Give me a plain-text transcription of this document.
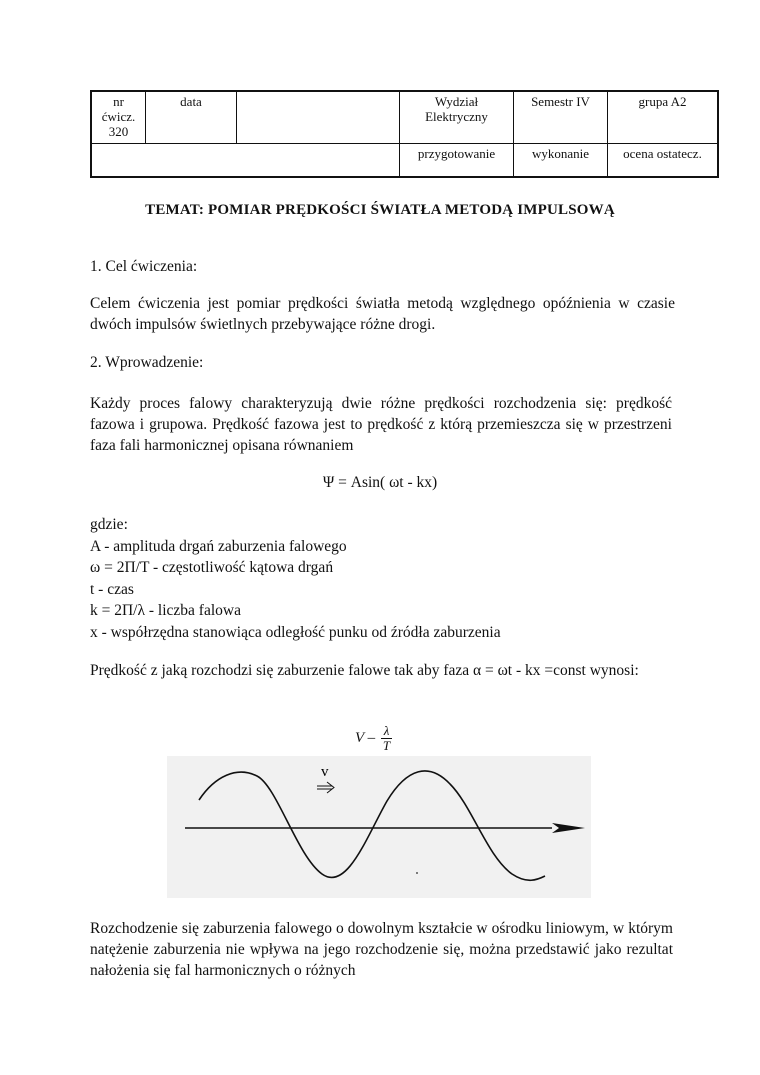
nr ćwicz. 320	data		Wydział Elektryczny	Semestr IV	grupa A2
			przygotowanie	wykonanie	ocena ostatecz.
TEMAT: POMIAR PRĘDKOŚCI ŚWIATŁA METODĄ IMPULSOWĄ

1. Cel ćwiczenia:

Celem ćwiczenia jest pomiar prędkości światła metodą względnego opóźnienia w czasie dwóch impulsów świetlnych przebywające różne drogi.

2. Wprowadzenie:

Każdy proces falowy charakteryzują dwie różne prędkości rozchodzenia się: prędkość fazowa i grupowa. Prędkość fazowa jest to prędkość z którą przemieszcza się w przestrzeni faza fali harmonicznej opisana równaniem

Ψ = Asin( ωt - kx)
gdzie:
A - amplituda drgań zaburzenia falowego
ω = 2Π/T - częstotliwość kątowa drgań
t - czas
k = 2Π/λ - liczba falowa
x - współrzędna stanowiąca odległość punku od źródła zaburzenia

Prędkość z jaką rozchodzi się zaburzenie falowe tak aby faza α = ωt - kx =const wynosi:

V – $\frac{\lambda}{T}$
v

Rozchodzenie się zaburzenia falowego o dowolnym kształcie w ośrodku liniowym, w którym natężenie zaburzenia nie wpływa na jego rozchodzenie się, można przedstawić jako rezultat nałożenia się fal harmonicznych o różnych
